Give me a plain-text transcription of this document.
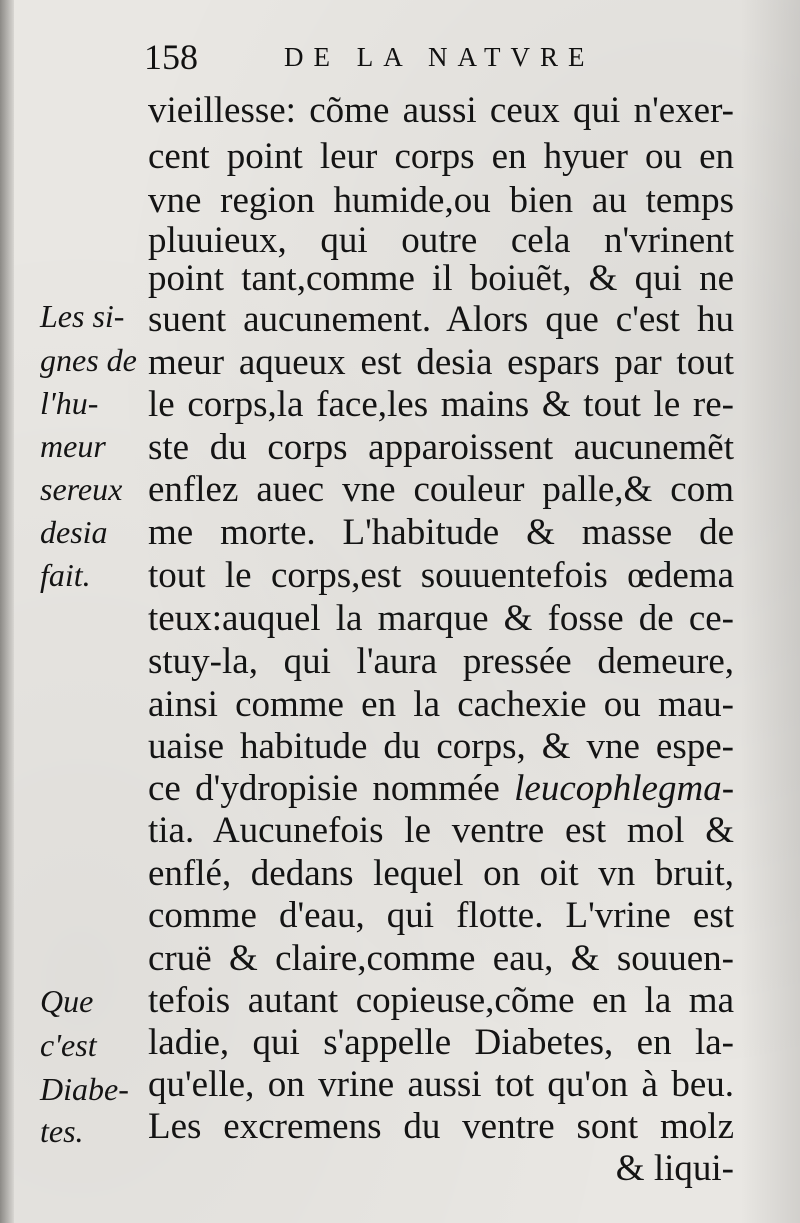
158	DE LA NATVRE
vieillesse: cõme aussi ceux qui n'exer-
cent point leur corps en hyuer ou en
vne region humide,ou bien au temps
pluuieux, qui outre cela n'vrinent
point tant,comme il boiuẽt, & qui ne
suent aucunement. Alors que c'est hu
meur aqueux est desia espars par tout
le corps,la face,les mains & tout le re-
ste du corps apparoissent aucunemẽt
enflez auec vne couleur palle,& com
me morte. L'habitude & masse de
tout le corps,est souuentefois œdema
teux:auquel la marque & fosse de ce-
stuy-la, qui l'aura pressée demeure,
ainsi comme en la cachexie ou mau-
uaise habitude du corps, & vne espe-
ce d'ydropisie nommée leucophlegma-
tia. Aucunefois le ventre est mol &
enflé, dedans lequel on oit vn bruit,
comme d'eau, qui flotte. L'vrine est
cruë & claire,comme eau, & souuen-
tefois autant copieuse,cõme en la ma
ladie, qui s'appelle Diabetes, en la-
qu'elle, on vrine aussi tot qu'on à beu.
Les excremens du ventre sont molz
& liqui-
Les si-
gnes de
l'hu-
meur
sereux
desia
fait.
Que
c'est
Diabe-
tes.
